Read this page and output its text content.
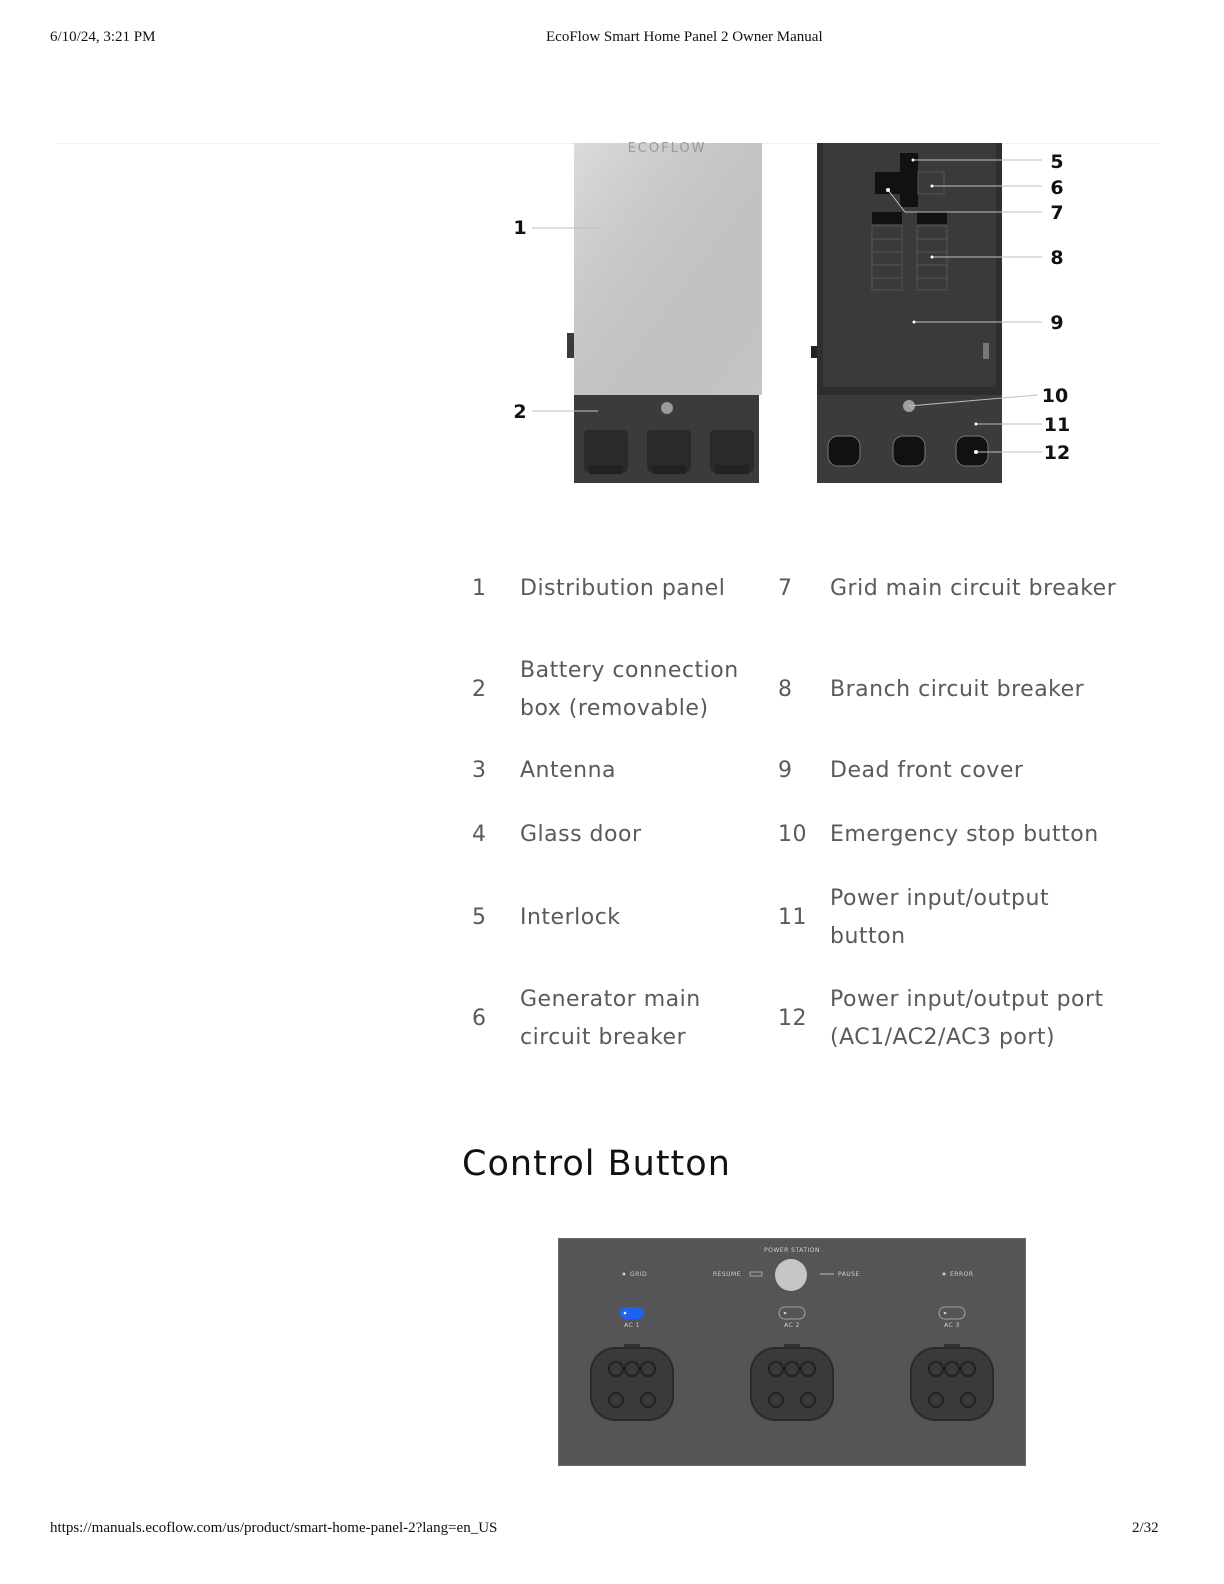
6/10/24, 3:21 PM	EcoFlow Smart Home Panel 2 Owner Manual
ECOFLOW
1
2
5
6
7
8
9
10
11
12
1	Distribution panel	7	Grid main circuit breaker

2	Battery connection box (removable)	8	Branch circuit breaker

3	Antenna	9	Dead front cover

4	Glass door	10	Emergency stop button

5	Interlock	11	Power input/output button

6	Generator main circuit breaker	12	Power input/output port (AC1/AC2/AC3 port)
Control Button
POWER STATION
GRID	RESUME	PAUSE	ERROR
AC 1	AC 2	AC 3
https://manuals.ecoflow.com/us/product/smart-home-panel-2?lang=en_US	2/32
